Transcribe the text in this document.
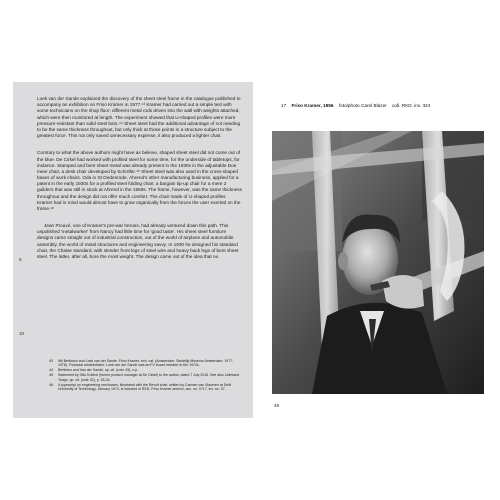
Loek van der Sande explained the discovery of the sheet steel frame in the catalogue published to accompany an exhibition on Friso Kramer in 1977.⁴³ Kramer had carried out a simple test with some technicians on the shop floor: different metal rods driven into the wall with weights attached, which were then monitored at length. The experiment showed that U-shaped profiles were more pressure-resistant than solid steel bars.⁴⁴ Sheet steel had the additional advantage of not needing to be the same thickness throughout, but only thick at those points in a structure subject to the greatest force. This not only saved unnecessary expense, it also produced a lighter chair.

Contrary to what the above authors might have as believe, shaped sheet steel did not come out of the blue. De Cirkel had worked with profiled steel for some time, for the underside of tabletops, for instance. Stamped and bent sheet metal was already present in the 1930s in the adjustable Doe meer chair, a desk chair developed by Schröfer.⁴⁵ Sheet steel was also used in the cross-shaped bases of work chairs. Oda in St Oedenrode, Ahrend's other manufacturing business, applied for a patent in the early 1930s for a profiled steel folding chair, a bargain tip-up chair for a mere 2 guilders that was still in stock at Ahrend in the 1960s. The frame, however, was the same thickness throughout and the design did not offer much comfort. The chair made of U-shaped profiles Kramer had in mind would almost have to grow organically from the forces the user exerted on the frame.⁴⁶

Jean Prouvé, one of Kramer's pre-war heroes, had already ventured down this path. This unpolished 'metalworker' from Nancy had little time for 'good taste'. His sheet steel furniture designs came straight out of industrial construction, out of the world of airplane and automobile assembly, the world of metal structures and engineering savvy. In 1930 he designed his standard chair, the Chaise standard, with slender front legs of steel wire and heavy back legs of bent sheet steel. The latter, after all, bore the most weight. The design came out of the idea that no

5
10
43	Wil Bertheux and Loek van der Sande, Friso Kramer, exh. cat. (Amsterdam: Stedelijk Museum Amsterdam, 1977-1978). Financial administrator: Loek van der Sande was an FV board member in the 1970s.
44	Bertheux and Van der Sande, op. cit. (note 43), n.p.
45	Statement by Otto Kolthof (former product manager at De Cirkel) to the author, dated 7 July 2016. See also Lidmiand Tange, op. cit. (note 42), p. 33-34.
46	A typescript on engineering mechanics, illustrated with the Revolt chair, written by Carmen van Vlakeren at Delft University of Technology, January 1974, is included in RKD, Friso Kramer archive, acc. no. 0717, inv. no. 37.
17 Friso Kramer, 1956 foto/photo Carel Blazer coll. RKD, inv. 324
49
